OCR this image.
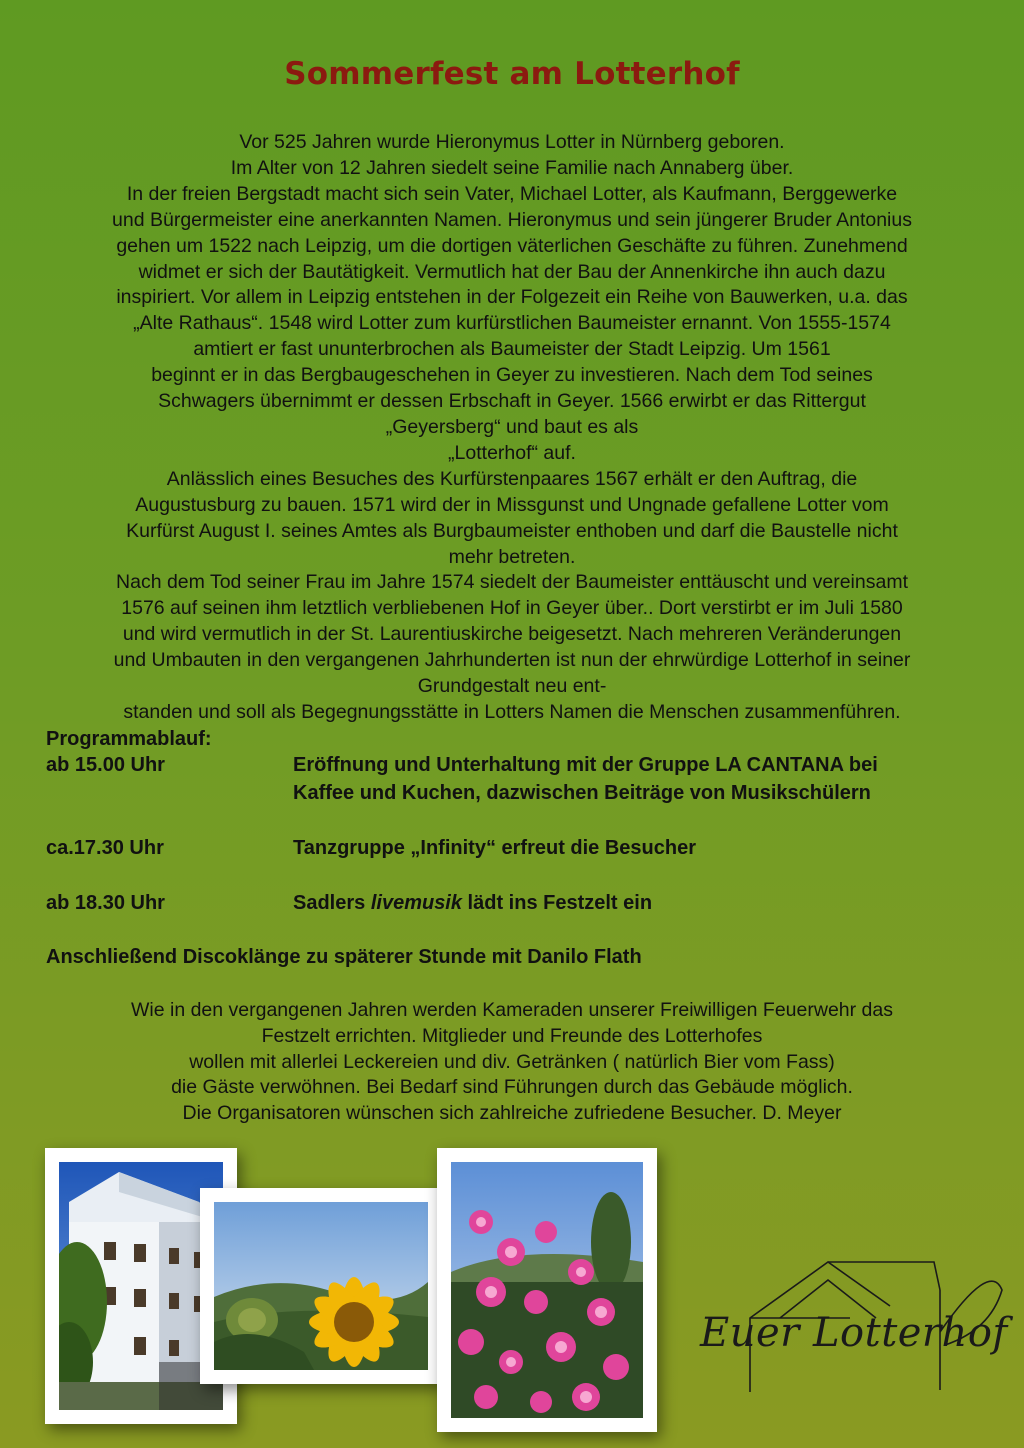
Sommerfest am Lotterhof
Vor 525 Jahren wurde Hieronymus Lotter in Nürnberg geboren.
Im Alter von 12 Jahren siedelt seine Familie nach Annaberg über.
In der freien Bergstadt macht sich sein Vater, Michael Lotter, als Kaufmann, Berggewerke
und Bürgermeister eine anerkannten Namen. Hieronymus und sein jüngerer Bruder Antonius
gehen um 1522 nach Leipzig, um die dortigen väterlichen Geschäfte zu führen. Zunehmend
widmet er sich der Bautätigkeit. Vermutlich hat der Bau der Annenkirche ihn auch dazu
inspiriert. Vor allem in Leipzig entstehen in der Folgezeit ein Reihe von Bauwerken, u.a. das
„Alte Rathaus“. 1548 wird Lotter zum kurfürstlichen Baumeister ernannt. Von 1555-1574
amtiert er fast ununterbrochen als Baumeister der Stadt Leipzig. Um 1561
beginnt er in das Bergbaugeschehen in Geyer zu investieren. Nach dem Tod seines
Schwagers übernimmt er dessen Erbschaft in Geyer. 1566 erwirbt er das Rittergut
„Geyersberg“ und baut es als
„Lotterhof“ auf.
Anlässlich eines Besuches des Kurfürstenpaares 1567 erhält er den Auftrag, die
Augustusburg zu bauen. 1571 wird der in Missgunst und Ungnade gefallene Lotter vom
Kurfürst August I. seines Amtes als Burgbaumeister enthoben und darf die Baustelle nicht
mehr betreten.
Nach dem Tod seiner Frau im Jahre 1574 siedelt der Baumeister enttäuscht und vereinsamt
1576 auf seinen ihm letztlich verbliebenen Hof in Geyer über.. Dort verstirbt er im Juli 1580
und wird vermutlich in der St. Laurentiuskirche beigesetzt. Nach mehreren Veränderungen
und Umbauten in den vergangenen Jahrhunderten ist nun der ehrwürdige Lotterhof in seiner
Grundgestalt neu ent-
standen und soll als Begegnungsstätte in Lotters Namen die Menschen zusammenführen.
Programmablauf:
ab 15.00 Uhr	Eröffnung und Unterhaltung mit der Gruppe LA CANTANA bei Kaffee und Kuchen, dazwischen Beiträge von Musikschülern
ca.17.30 Uhr	Tanzgruppe „Infinity“ erfreut die Besucher
ab 18.30 Uhr	Sadlers livemusik lädt ins Festzelt ein
Anschließend Discoklänge zu späterer Stunde mit Danilo Flath
Wie in den vergangenen Jahren werden Kameraden unserer Freiwilligen Feuerwehr das
Festzelt errichten. Mitglieder und Freunde des Lotterhofes
wollen mit allerlei Leckereien und div. Getränken ( natürlich Bier vom Fass)
die Gäste verwöhnen. Bei Bedarf sind Führungen durch das Gebäude möglich.
Die Organisatoren wünschen sich zahlreiche zufriedene Besucher. D. Meyer
Euer Lotterhof
